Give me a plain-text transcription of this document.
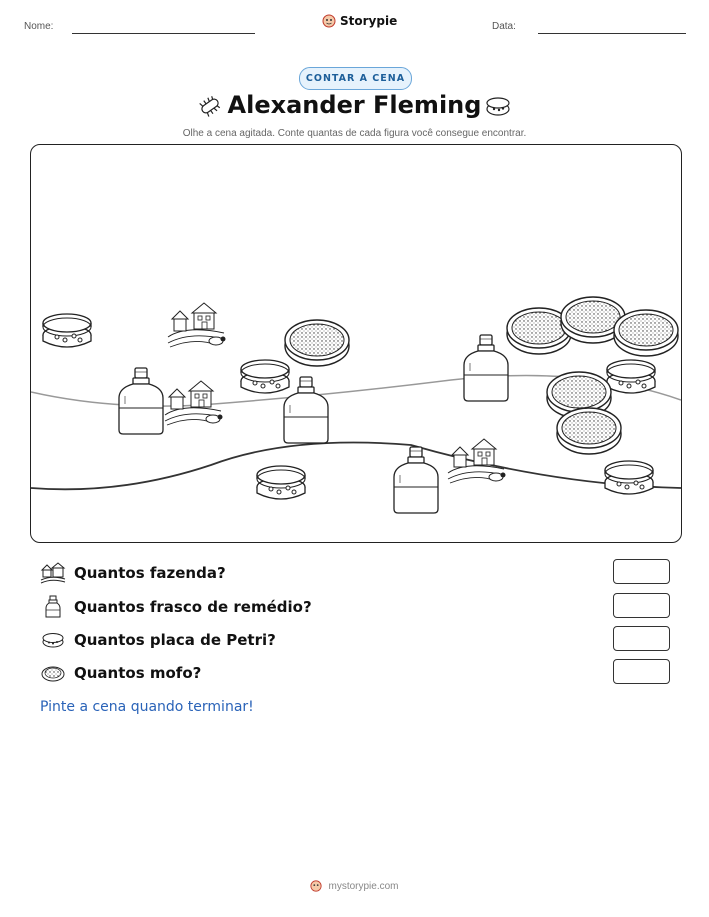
Nome:	Storypie	Data:
CONTAR A CENA
Alexander Fleming
Olhe a cena agitada. Conte quantas de cada figura você consegue encontrar.
Quantos fazenda?
Quantos frasco de remédio?
Quantos placa de Petri?
Quantos mofo?
Pinte a cena quando terminar!
mystorypie.com
